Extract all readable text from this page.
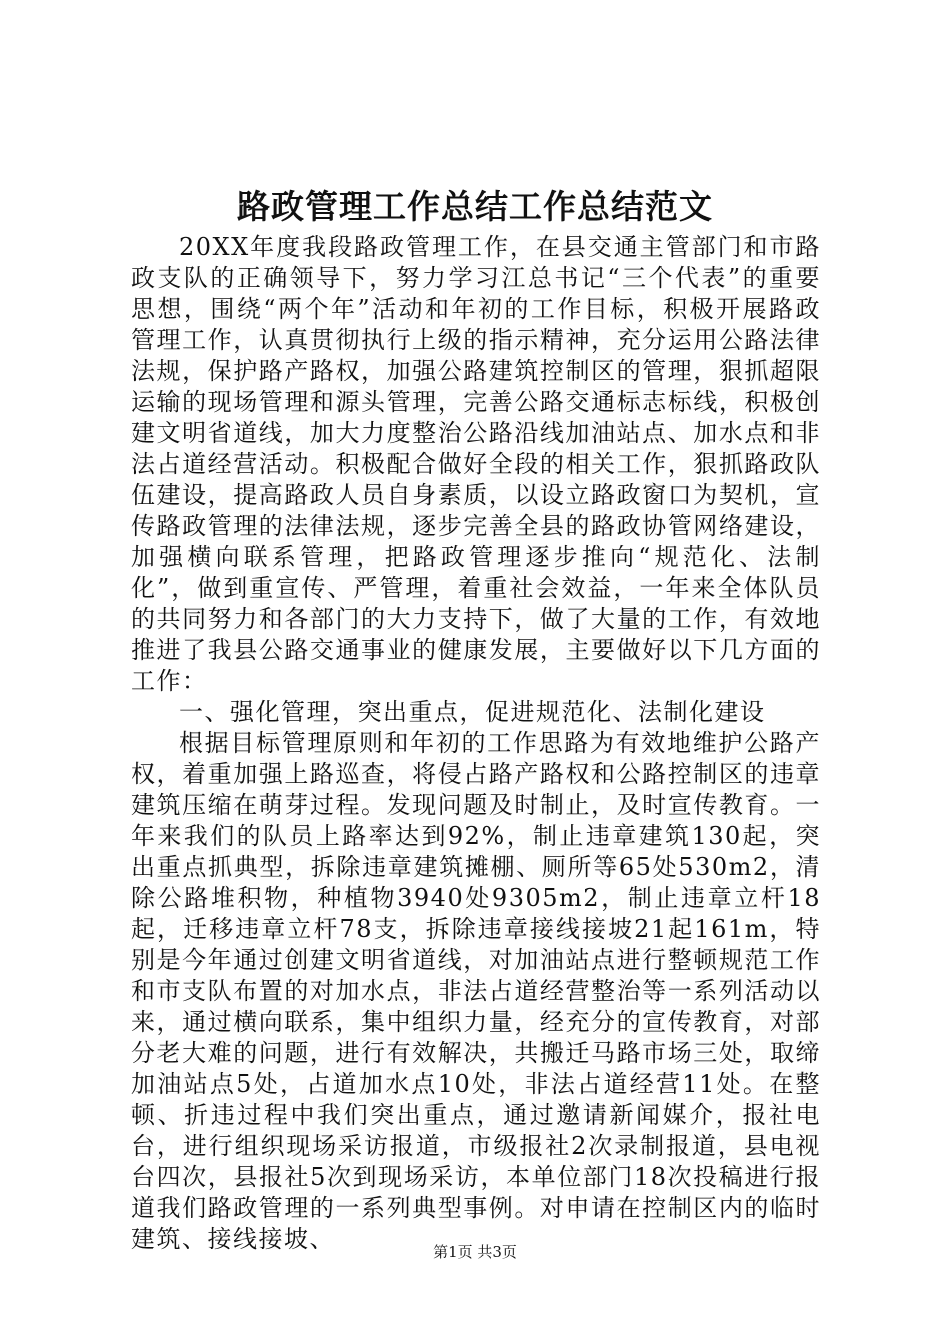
路政管理工作总结工作总结范文

20XX年度我段路政管理工作，在县交通主管部门和市路政支队的正确领导下，努力学习江总书记“三个代表”的重要思想，围绕“两个年”活动和年初的工作目标，积极开展路政管理工作，认真贯彻执行上级的指示精神，充分运用公路法律法规，保护路产路权，加强公路建筑控制区的管理，狠抓超限运输的现场管理和源头管理，完善公路交通标志标线，积极创建文明省道线，加大力度整治公路沿线加油站点、加水点和非法占道经营活动。积极配合做好全段的相关工作，狠抓路政队伍建设，提高路政人员自身素质，以设立路政窗口为契机，宣传路政管理的法律法规，逐步完善全县的路政协管网络建设，加强横向联系管理，把路政管理逐步推向“规范化、法制化”，做到重宣传、严管理，着重社会效益，一年来全体队员的共同努力和各部门的大力支持下，做了大量的工作，有效地推进了我县公路交通事业的健康发展，主要做好以下几方面的工作：

一、强化管理，突出重点，促进规范化、法制化建设

根据目标管理原则和年初的工作思路为有效地维护公路产权，着重加强上路巡查，将侵占路产路权和公路控制区的违章建筑压缩在萌芽过程。发现问题及时制止，及时宣传教育。一年来我们的队员上路率达到92%，制止违章建筑130起，突出重点抓典型，拆除违章建筑摊棚、厕所等65处530m2，清除公路堆积物，种植物3940处9305m2，制止违章立杆18起，迁移违章立杆78支，拆除违章接线接坡21起161m，特别是今年通过创建文明省道线，对加油站点进行整顿规范工作和市支队布置的对加水点，非法占道经营整治等一系列活动以来，通过横向联系，集中组织力量，经充分的宣传教育，对部分老大难的问题，进行有效解决，共搬迁马路市场三处，取缔加油站点5处，占道加水点10处，非法占道经营11处。在整顿、折违过程中我们突出重点，通过邀请新闻媒介，报社电台，进行组织现场采访报道，市级报社2次录制报道，县电视台四次，县报社5次到现场采访，本单位部门18次投稿进行报道我们路政管理的一系列典型事例。对申请在控制区内的临时建筑、接线接坡、	第1页 共3页
